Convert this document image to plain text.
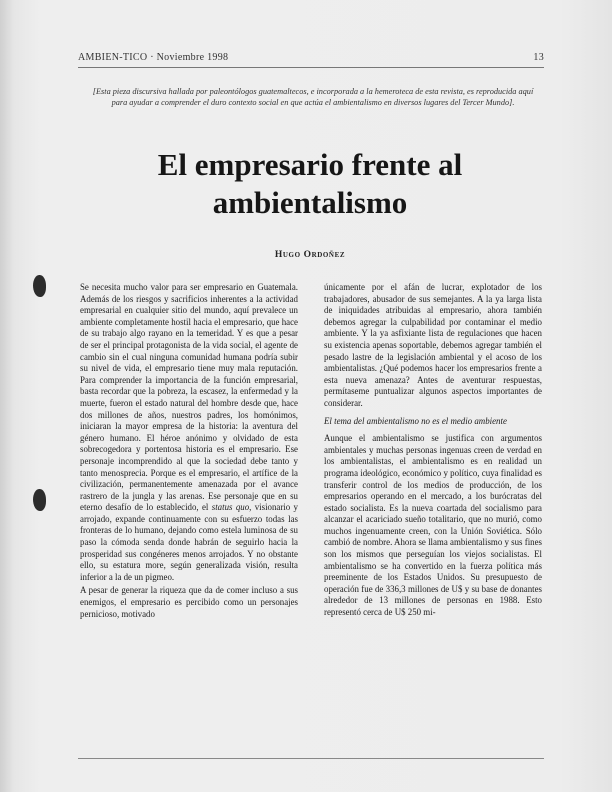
AMBIEN-TICO · Noviembre 1998	13
[Esta pieza discursiva hallada por paleontólogos guatemaltecos, e incorporada a la hemeroteca de esta revista, es reproducida aquí para ayudar a comprender el duro contexto social en que actúa el ambientalismo en diversos lugares del Tercer Mundo].
El empresario frente al
ambientalismo
Hugo Ordoñez

Se necesita mucho valor para ser empresario en Guatemala. Además de los riesgos y sacrificios inherentes a la actividad empresarial en cualquier sitio del mundo, aquí prevalece un ambiente completamente hostil hacia el empresario, que hace de su trabajo algo rayano en la temeridad. Y es que a pesar de ser el principal protagonista de la vida social, el agente de cambio sin el cual ninguna comunidad humana podría subir su nivel de vida, el empresario tiene muy mala reputación. Para comprender la importancia de la función empresarial, basta recordar que la pobreza, la escasez, la enfermedad y la muerte, fueron el estado natural del hombre desde que, hace dos millones de años, nuestros padres, los homónimos, iniciaran la mayor empresa de la historia: la aventura del género humano. El héroe anónimo y olvidado de esta sobrecogedora y portentosa historia es el empresario. Ese personaje incomprendido al que la sociedad debe tanto y tanto menosprecia. Porque es el empresario, el artífice de la civilización, permanentemente amenazada por el avance rastrero de la jungla y las arenas. Ese personaje que en su eterno desafío de lo establecido, el status quo, visionario y arrojado, expande continuamente con su esfuerzo todas las fronteras de lo humano, dejando como estela luminosa de su paso la cómoda senda donde habrán de seguirlo hacia la prosperidad sus congéneres menos arrojados. Y no obstante ello, su estatura more, según generalizada visión, resulta inferior a la de un pigmeo.

A pesar de generar la riqueza que da de comer incluso a sus enemigos, el empresario es percibido como un personajes pernicioso, motivado

únicamente por el afán de lucrar, explotador de los trabajadores, abusador de sus semejantes. A la ya larga lista de iniquidades atribuidas al empresario, ahora también debemos agregar la culpabilidad por contaminar el medio ambiente. Y la ya asfixiante lista de regulaciones que hacen su existencia apenas soportable, debemos agregar también el pesado lastre de la legislación ambiental y el acoso de los ambientalistas. ¿Qué podemos hacer los empresarios frente a esta nueva amenaza? Antes de aventurar respuestas, permítaseme puntualizar algunos aspectos importantes de considerar.

El tema del ambientalismo no es el medio ambiente

Aunque el ambientalismo se justifica con argumentos ambientales y muchas personas ingenuas creen de verdad en los ambientalistas, el ambientalismo es en realidad un programa ideológico, económico y político, cuya finalidad es transferir control de los medios de producción, de los empresarios operando en el mercado, a los burócratas del estado socialista. Es la nueva coartada del socialismo para alcanzar el acariciado sueño totalitario, que no murió, como muchos ingenuamente creen, con la Unión Soviética. Sólo cambió de nombre. Ahora se llama ambientalismo y sus fines son los mismos que perseguían los viejos socialistas. El ambientalismo se ha convertido en la fuerza política más preeminente de los Estados Unidos. Su presupuesto de operación fue de 336,3 millones de U$ y su base de donantes alrededor de 13 millones de personas en 1988. Esto representó cerca de U$ 250 mi-
